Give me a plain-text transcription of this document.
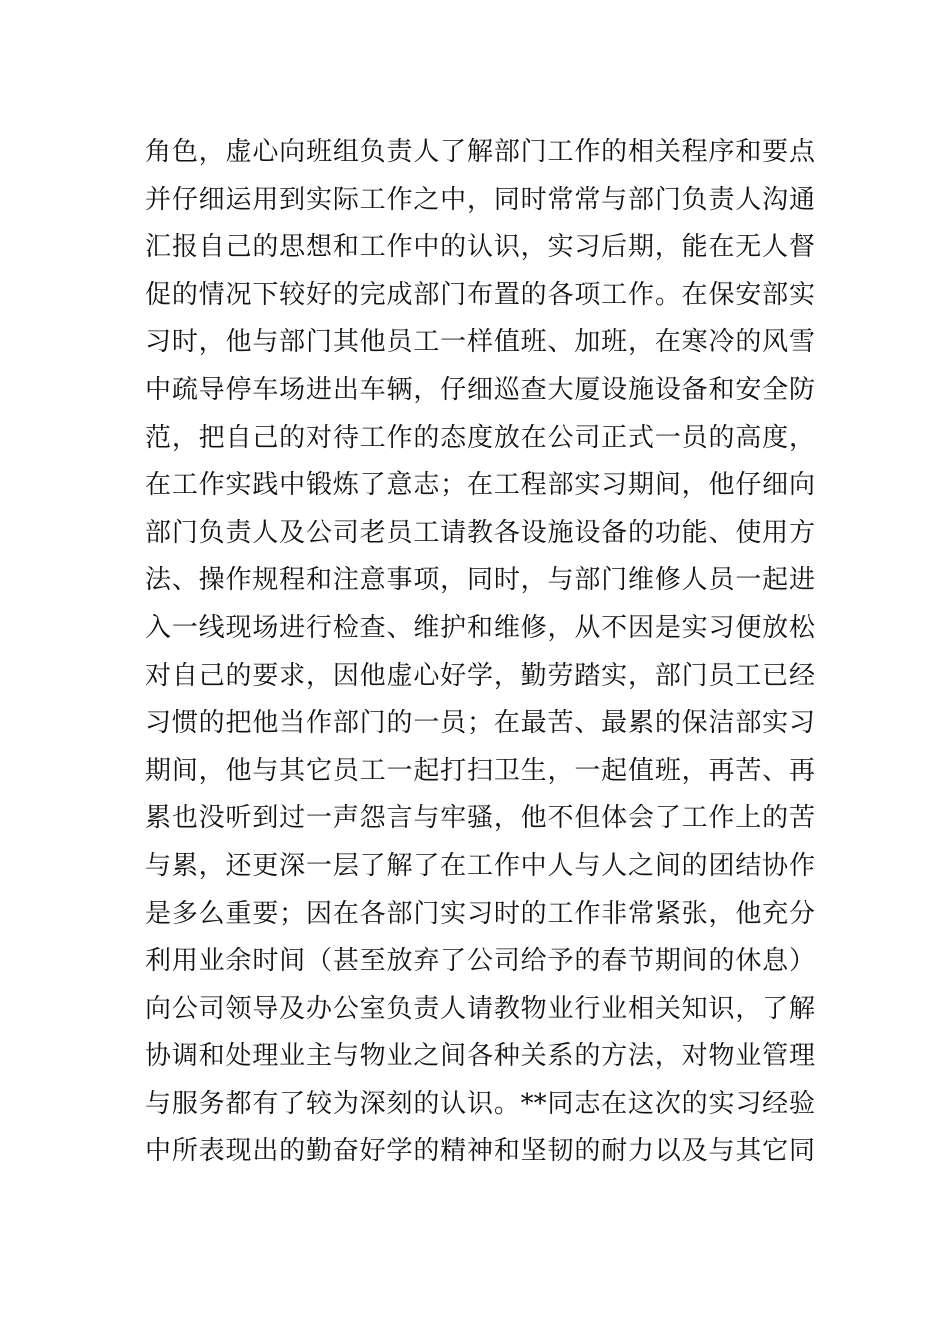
角色，虚心向班组负责人了解部门工作的相关程序和要点
并仔细运用到实际工作之中，同时常常与部门负责人沟通
汇报自己的思想和工作中的认识，实习后期，能在无人督
促的情况下较好的完成部门布置的各项工作。在保安部实
习时，他与部门其他员工一样值班、加班，在寒冷的风雪
中疏导停车场进出车辆，仔细巡查大厦设施设备和安全防
范，把自己的对待工作的态度放在公司正式一员的高度，
在工作实践中锻炼了意志；在工程部实习期间，他仔细向
部门负责人及公司老员工请教各设施设备的功能、使用方
法、操作规程和注意事项，同时，与部门维修人员一起进
入一线现场进行检查、维护和维修，从不因是实习便放松
对自己的要求，因他虚心好学，勤劳踏实，部门员工已经
习惯的把他当作部门的一员；在最苦、最累的保洁部实习
期间，他与其它员工一起打扫卫生，一起值班，再苦、再
累也没听到过一声怨言与牢骚，他不但体会了工作上的苦
与累，还更深一层了解了在工作中人与人之间的团结协作
是多么重要；因在各部门实习时的工作非常紧张，他充分
利用业余时间（甚至放弃了公司给予的春节期间的休息）
向公司领导及办公室负责人请教物业行业相关知识，了解
协调和处理业主与物业之间各种关系的方法，对物业管理
与服务都有了较为深刻的认识。**同志在这次的实习经验
中所表现出的勤奋好学的精神和坚韧的耐力以及与其它同
